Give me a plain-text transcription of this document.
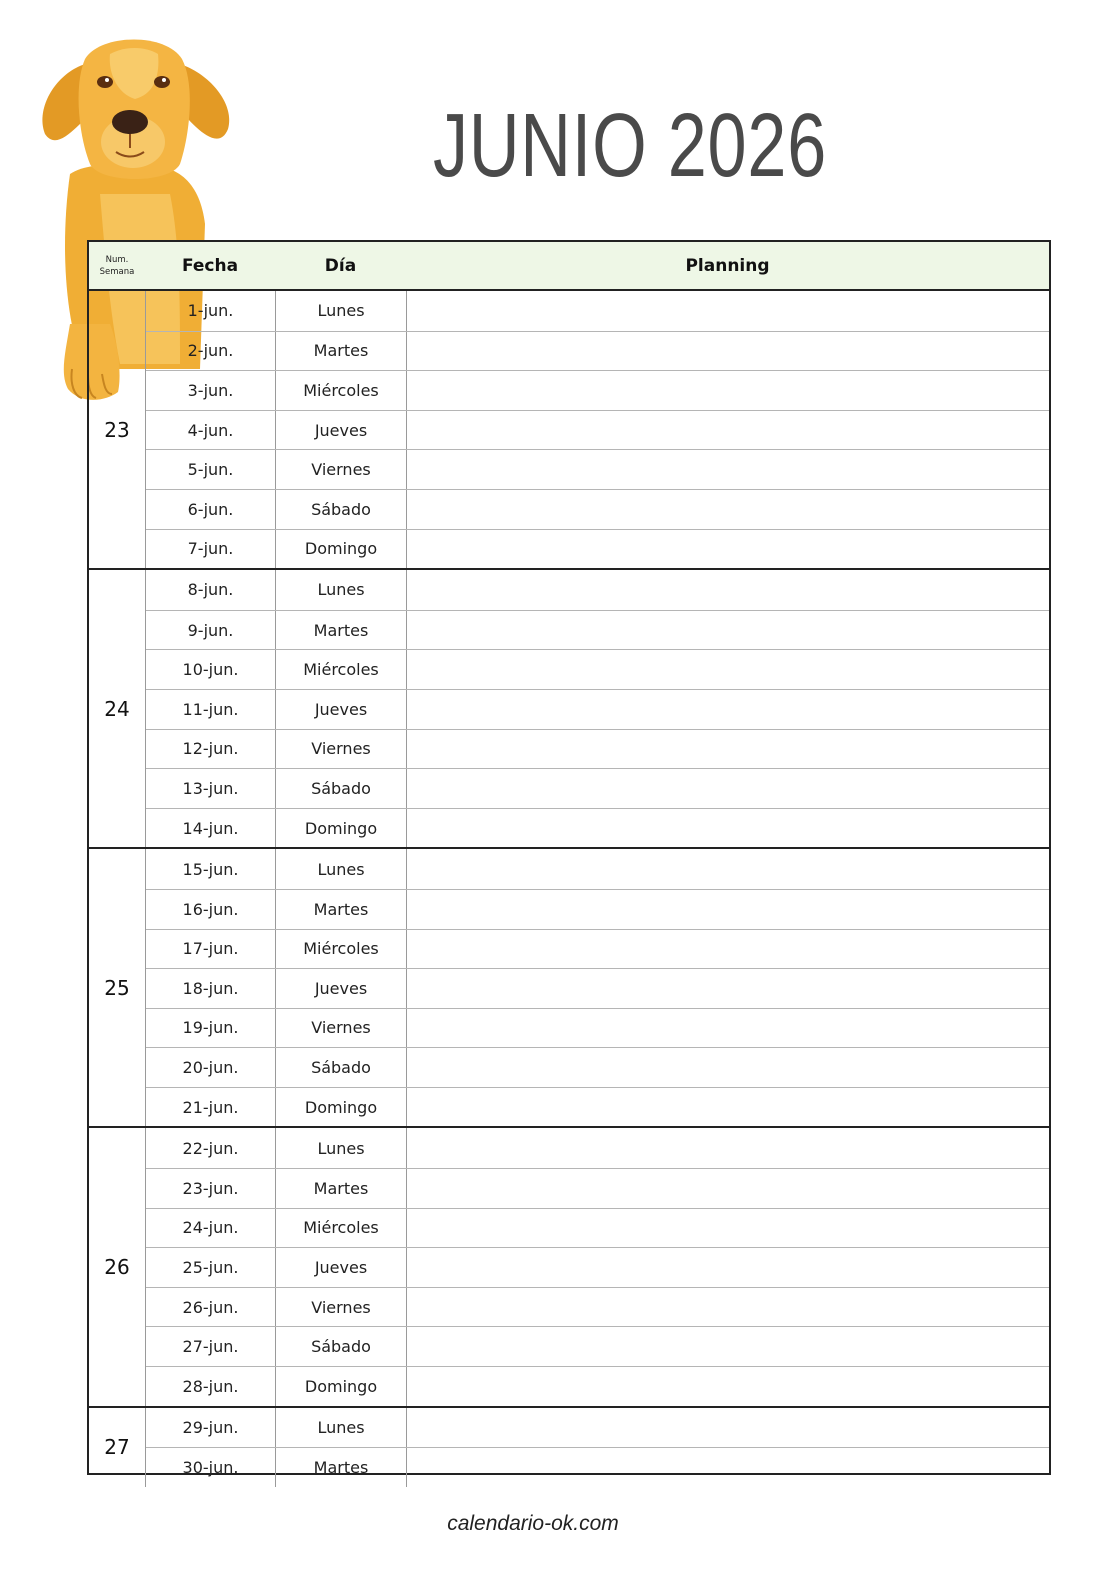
JUNIO 2026
Num.
Semana	Fecha	Día	Planning
23
1-jun.	Lunes
2-jun.	Martes
3-jun.	Miércoles
4-jun.	Jueves
5-jun.	Viernes
6-jun.	Sábado
7-jun.	Domingo
24
8-jun.	Lunes
9-jun.	Martes
10-jun.	Miércoles
11-jun.	Jueves
12-jun.	Viernes
13-jun.	Sábado
14-jun.	Domingo
25
15-jun.	Lunes
16-jun.	Martes
17-jun.	Miércoles
18-jun.	Jueves
19-jun.	Viernes
20-jun.	Sábado
21-jun.	Domingo
26
22-jun.	Lunes
23-jun.	Martes
24-jun.	Miércoles
25-jun.	Jueves
26-jun.	Viernes
27-jun.	Sábado
28-jun.	Domingo
27
29-jun.	Lunes
30-jun.	Martes
calendario-ok.com
